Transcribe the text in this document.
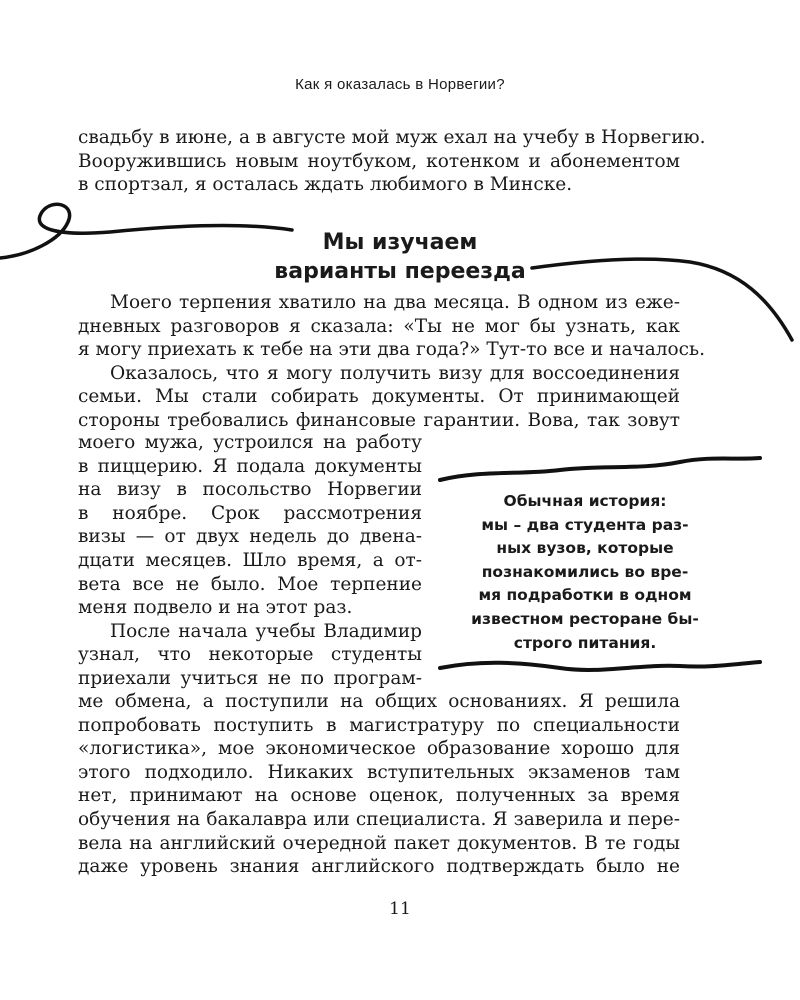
Как я оказалась в Норвегии?
свадьбу в июне, а в августе мой муж ехал на учебу в Норвегию.
Вооружившись новым ноутбуком, котенком и абонементом
в спортзал, я осталась ждать любимого в Минске.
Мы изучаем
варианты переезда
Моего терпения хватило на два месяца. В одном из еже-
дневных разговоров я сказала: «Ты не мог бы узнать, как
я могу приехать к тебе на эти два года?» Тут-то все и началось.
Оказалось, что я могу получить визу для воссоединения
семьи. Мы стали собирать документы. От принимающей
стороны требовались финансовые гарантии. Вова, так зовут
моего мужа, устроился на работу
в пиццерию. Я подала документы
на визу в посольство Норвегии
в ноябре. Срок рассмотрения
визы — от двух недель до двена-
дцати месяцев. Шло время, а от-
вета все не было. Мое терпение
меня подвело и на этот раз.
После начала учебы Владимир
узнал, что некоторые студенты
приехали учиться не по програм-
Обычная история:
мы – два студента раз-
ных вузов, которые
познакомились во вре-
мя подработки в одном
известном ресторане бы-
строго питания.
ме обмена, а поступили на общих основаниях. Я решила
попробовать поступить в магистратуру по специальности
«логистика», мое экономическое образование хорошо для
этого подходило. Никаких вступительных экзаменов там
нет, принимают на основе оценок, полученных за время
обучения на бакалавра или специалиста. Я заверила и пере-
вела на английский очередной пакет документов. В те годы
даже уровень знания английского подтверждать было не
11
